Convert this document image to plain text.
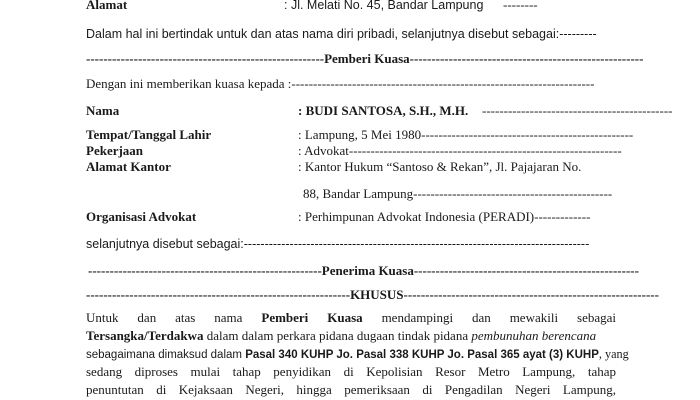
Alamat	: Jl. Melati No. 45, Bandar Lampung --------
Dalam hal ini bertindak untuk dan atas nama diri pribadi, selanjutnya disebut sebagai:---------
-------------------------------------------------------Pemberi Kuasa------------------------------------------------------
Dengan ini memberikan kuasa kepada :----------------------------------------------------------------------
Nama	: BUDI SANTOSA, S.H., M.H. --------------------------------------------
Tempat/Tanggal Lahir	: Lampung, 5 Mei 1980-------------------------------------------------
Pekerjaan	: Advokat---------------------------------------------------------------
Alamat Kantor	: Kantor Hukum “Santoso & Rekan”, Jl. Pajajaran No.
88, Bandar Lampung----------------------------------------------
Organisasi Advokat	: Perhimpunan Advokat Indonesia (PERADI)-------------
selanjutnya disebut sebagai:-----------------------------------------------------------------------------------
------------------------------------------------------Penerima Kuasa----------------------------------------------------
-------------------------------------------------------------KHUSUS-----------------------------------------------------------
Untuk dan atas nama Pemberi Kuasa mendampingi dan mewakili sebagai
Tersangka/Terdakwa dalam dalam perkara pidana dugaan tindak pidana pembunuhan berencana
sebagaimana dimaksud dalam Pasal 340 KUHP Jo. Pasal 338 KUHP Jo. Pasal 365 ayat (3) KUHP, yang
sedang diproses mulai tahap penyidikan di Kepolisian Resor Metro Lampung, tahap
penuntutan di Kejaksaan Negeri, hingga pemeriksaan di Pengadilan Negeri Lampung,
